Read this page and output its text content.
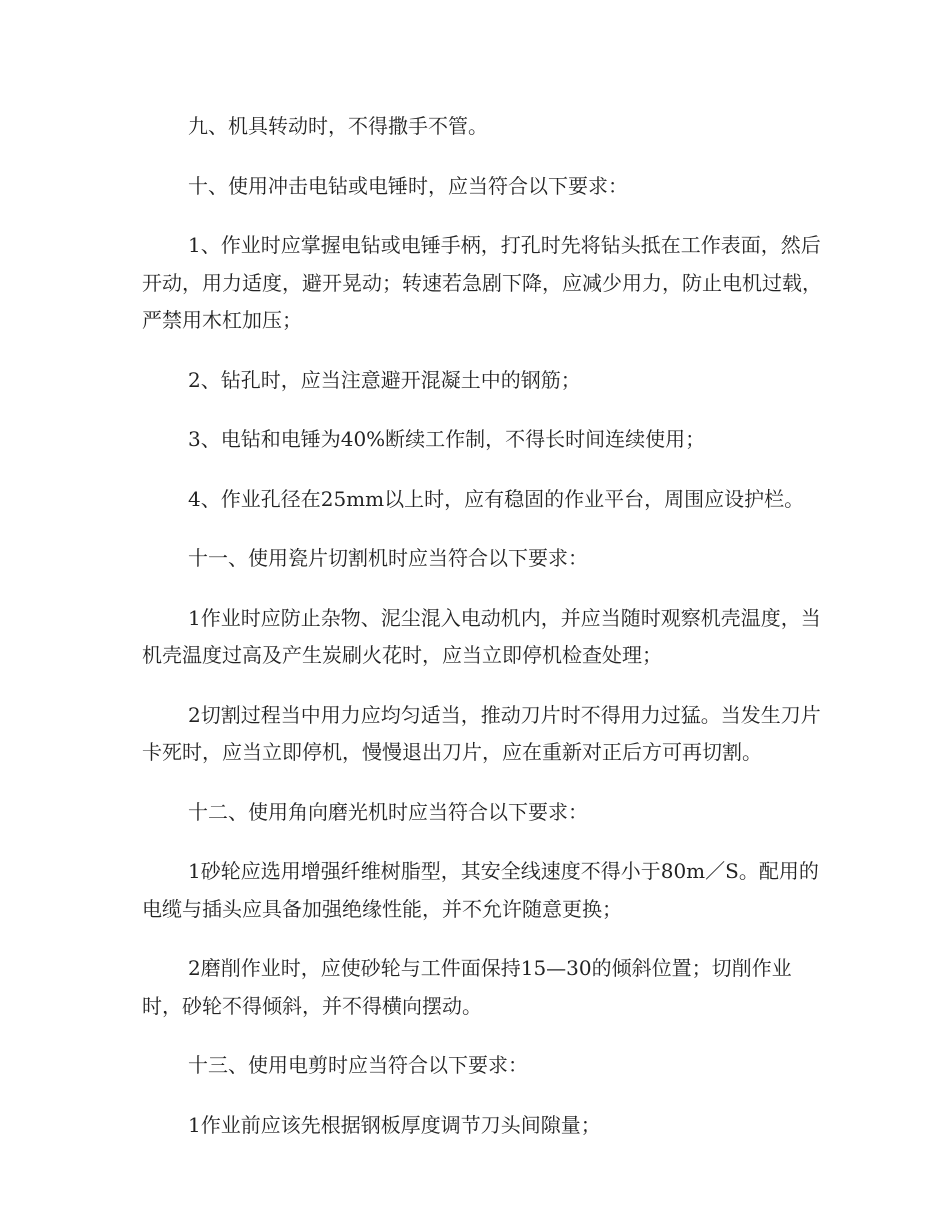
九、机具转动时，不得撒手不管。

十、使用冲击电钻或电锤时，应当符合以下要求：

1、作业时应掌握电钻或电锤手柄，打孔时先将钻头抵在工作表面，然后开动，用力适度，避开晃动；转速若急剧下降，应减少用力，防止电机过载，严禁用木杠加压；

2、钻孔时，应当注意避开混凝土中的钢筋；

3、电钻和电锤为40%断续工作制，不得长时间连续使用；

4、作业孔径在25mm以上时，应有稳固的作业平台，周围应设护栏。

十一、使用瓷片切割机时应当符合以下要求：

1作业时应防止杂物、泥尘混入电动机内，并应当随时观察机壳温度，当机壳温度过高及产生炭刷火花时，应当立即停机检查处理；

2切割过程当中用力应均匀适当，推动刀片时不得用力过猛。当发生刀片卡死时，应当立即停机，慢慢退出刀片，应在重新对正后方可再切割。

十二、使用角向磨光机时应当符合以下要求：

1砂轮应选用增强纤维树脂型，其安全线速度不得小于80m／S。配用的电缆与插头应具备加强绝缘性能，并不允许随意更换；

2磨削作业时，应使砂轮与工件面保持15—30的倾斜位置；切削作业时，砂轮不得倾斜，并不得横向摆动。

十三、使用电剪时应当符合以下要求：

1作业前应该先根据钢板厚度调节刀头间隙量；
